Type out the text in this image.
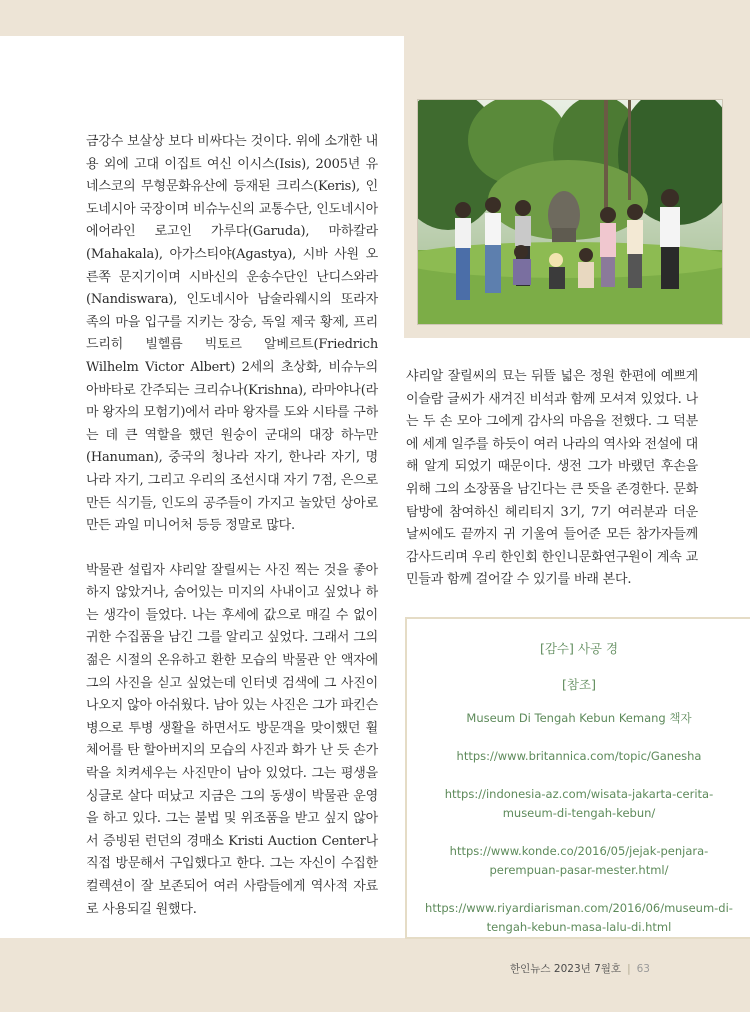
금강수 보살상 보다 비싸다는 것이다. 위에 소개한 내용 외에 고대 이집트 여신 이시스(Isis), 2005년 유네스코의 무형문화유산에 등재된 크리스(Keris), 인도네시아 국장이며 비슈누신의 교통수단, 인도네시아 에어라인 로고인 가루다(Garuda), 마하칼라(Mahakala), 아가스티야(Agastya), 시바 사원 오른쪽 문지기이며 시바신의 운송수단인 난디스와라(Nandiswara), 인도네시아 남술라웨시의 또라자 족의 마을 입구를 지키는 장승, 독일 제국 황제, 프리드리히 빌헬름 빅토르 알베르트(Friedrich Wilhelm Victor Albert) 2세의 초상화, 비슈누의 아바타로 간주되는 크리슈나(Krishna), 라마야나(라마 왕자의 모험기)에서 라마 왕자를 도와 시타를 구하는 데 큰 역할을 했던 원숭이 군대의 대장 하누만(Hanuman), 중국의 청나라 자기, 한나라 자기, 명나라 자기, 그리고 우리의 조선시대 자기 7점, 은으로 만든 식기들, 인도의 공주들이 가지고 놀았던 상아로 만든 과일 미니어처 등등 정말로 많다.

박물관 설립자 샤리알 잘릴씨는 사진 찍는 것을 좋아하지 않았거나, 숨어있는 미지의 사내이고 싶었나 하는 생각이 들었다. 나는 후세에 값으로 매길 수 없이 귀한 수집품을 남긴 그를 알리고 싶었다. 그래서 그의 젊은 시절의 온유하고 환한 모습의 박물관 안 액자에 그의 사진을 싣고 싶었는데 인터넷 검색에 그 사진이 나오지 않아 아쉬웠다. 남아 있는 사진은 그가 파킨슨병으로 투병 생활을 하면서도 방문객을 맞이했던 휠체어를 탄 할아버지의 모습의 사진과 화가 난 듯 손가락을 치켜세우는 사진만이 남아 있었다. 그는 평생을 싱글로 살다 떠났고 지금은 그의 동생이 박물관 운영을 하고 있다. 그는 불법 및 위조품을 받고 싶지 않아서 증빙된 런던의 경매소 Kristi Auction Center나 직접 방문해서 구입했다고 한다. 그는 자신이 수집한 컬렉션이 잘 보존되어 여러 사람들에게 역사적 자료로 사용되길 원했다.

샤리알 잘릴씨의 묘는 뒤뜰 넓은 정원 한편에 예쁘게 이슬람 글씨가 새겨진 비석과 함께 모셔져 있었다. 나는 두 손 모아 그에게 감사의 마음을 전했다. 그 덕분에 세계 일주를 하듯이 여러 나라의 역사와 전설에 대해 알게 되었기 때문이다. 생전 그가 바랬던 후손을 위해 그의 소장품을 남긴다는 큰 뜻을 존경한다. 문화 탐방에 참여하신 헤리티지 3기, 7기 여러분과 더운 날씨에도 끝까지 귀 기울여 들어준 모든 참가자들께 감사드리며 우리 한인회 한인니문화연구원이 계속 교민들과 함께 걸어갈 수 있기를 바래 본다.

[감수] 사공 경
[참조]
Museum Di Tengah Kebun Kemang 책자
https://www.britannica.com/topic/Ganesha
https://indonesia-az.com/wisata-jakarta-cerita-museum-di-tengah-kebun/
https://www.konde.co/2016/05/jejak-penjara-perempuan-pasar-mester.html/
https://www.riyardiarisman.com/2016/06/museum-di-tengah-kebun-masa-lalu-di.html
한인뉴스 2023년 7월호 | 63
